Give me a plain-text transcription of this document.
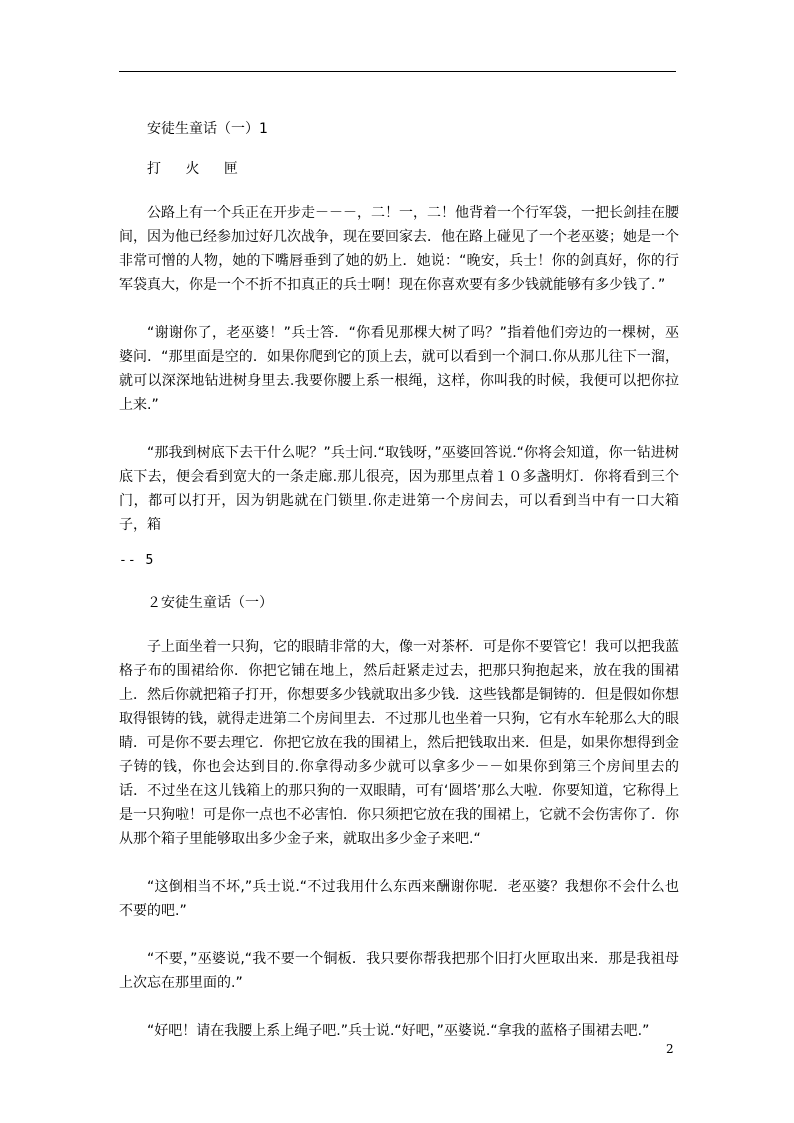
安徒生童话（一）1
打 火 匣

公路上有一个兵正在开步走－－－，二！一，二！他背着一个行军袋，一把长剑挂在腰间，因为他已经参加过好几次战争，现在要回家去．他在路上碰见了一个老巫婆；她是一个非常可憎的人物，她的下嘴唇垂到了她的奶上．她说：“晚安，兵士！你的剑真好，你的行军袋真大，你是一个不折不扣真正的兵士啊！现在你喜欢要有多少钱就能够有多少钱了．”

“谢谢你了，老巫婆！”兵士答．“你看见那棵大树了吗？”指着他们旁边的一棵树，巫婆问．“那里面是空的．如果你爬到它的顶上去，就可以看到一个洞口.你从那儿往下一溜，就可以深深地钻进树身里去.我要你腰上系一根绳，这样，你叫我的时候，我便可以把你拉上来.”

“那我到树底下去干什么呢？”兵士问.“取钱呀，”巫婆回答说.“你将会知道，你一钻进树底下去，便会看到宽大的一条走廊.那儿很亮，因为那里点着１０多盏明灯．你将看到三个门，都可以打开，因为钥匙就在门锁里.你走进第一个房间去，可以看到当中有一口大箱子，箱

-- 5
２安徒生童话（一）

子上面坐着一只狗，它的眼睛非常的大，像一对茶杯．可是你不要管它！我可以把我蓝格子布的围裙给你．你把它铺在地上，然后赶紧走过去，把那只狗抱起来，放在我的围裙上．然后你就把箱子打开，你想要多少钱就取出多少钱．这些钱都是铜铸的．但是假如你想取得银铸的钱，就得走进第二个房间里去．不过那儿也坐着一只狗，它有水车轮那么大的眼睛．可是你不要去理它．你把它放在我的围裙上，然后把钱取出来．但是，如果你想得到金子铸的钱，你也会达到目的.你拿得动多少就可以拿多少－－如果你到第三个房间里去的话．不过坐在这儿钱箱上的那只狗的一双眼睛，可有‘圆塔’那么大啦．你要知道，它称得上是一只狗啦！可是你一点也不必害怕．你只须把它放在我的围裙上，它就不会伤害你了．你从那个箱子里能够取出多少金子来，就取出多少金子来吧.“

“这倒相当不坏,”兵士说.“不过我用什么东西来酬谢你呢．老巫婆？我想你不会什么也不要的吧.”

“不要，”巫婆说,“我不要一个铜板．我只要你帮我把那个旧打火匣取出来．那是我祖母上次忘在那里面的.”

“好吧！请在我腰上系上绳子吧.”兵士说.“好吧，”巫婆说.“拿我的蓝格子围裙去吧.”

2
